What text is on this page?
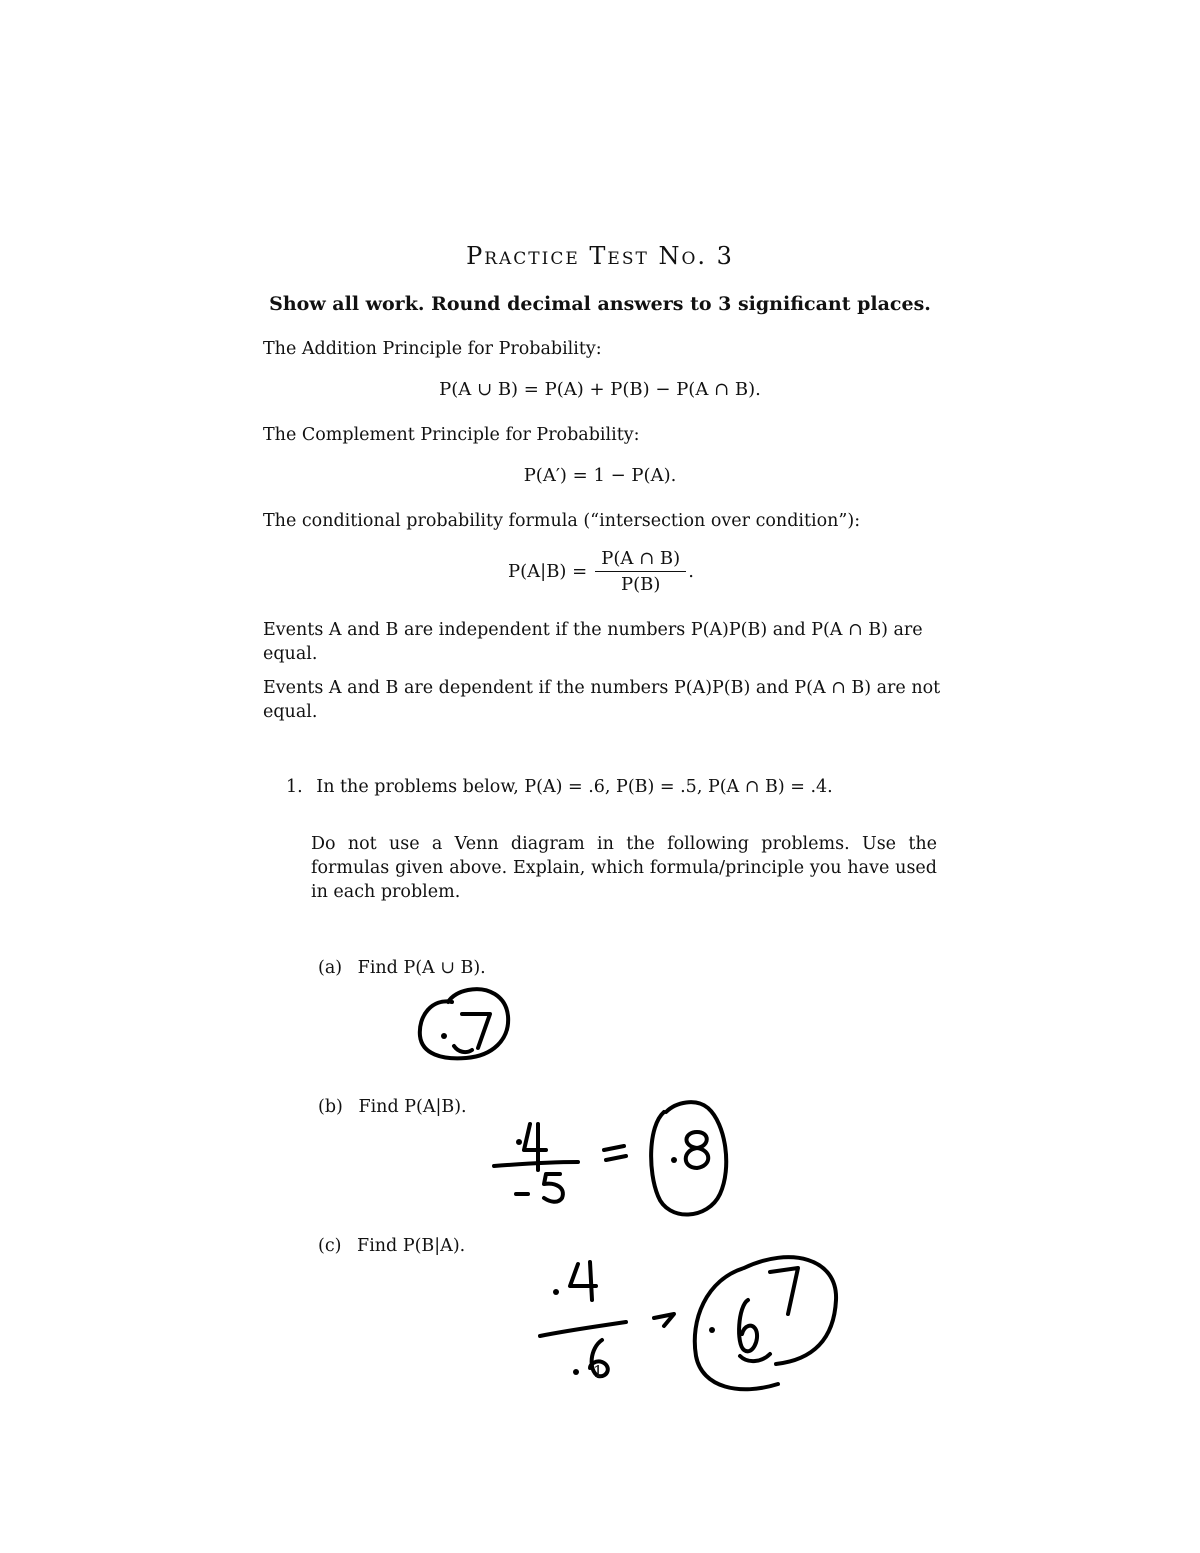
Practice Test No. 3
Show all work. Round decimal answers to 3 significant places.
The Addition Principle for Probability:
P(A ∪ B) = P(A) + P(B) − P(A ∩ B).
The Complement Principle for Probability:
P(A′) = 1 − P(A).
The conditional probability formula (“intersection over condition”):
$P(A|B) = \frac{P(A \cap B)}{P(B)}$ .
Events A and B are independent if the numbers P(A)P(B) and P(A ∩ B) are equal.
Events A and B are dependent if the numbers P(A)P(B) and P(A ∩ B) are not equal.
1. In the problems below, P(A) = .6, P(B) = .5, P(A ∩ B) = .4.
Do not use a Venn diagram in the following problems. Use the formulas given above. Explain, which formula/principle you have used in each problem.
(a) Find P(A ∪ B).
(b) Find P(A|B).
(c) Find P(B|A).
1
